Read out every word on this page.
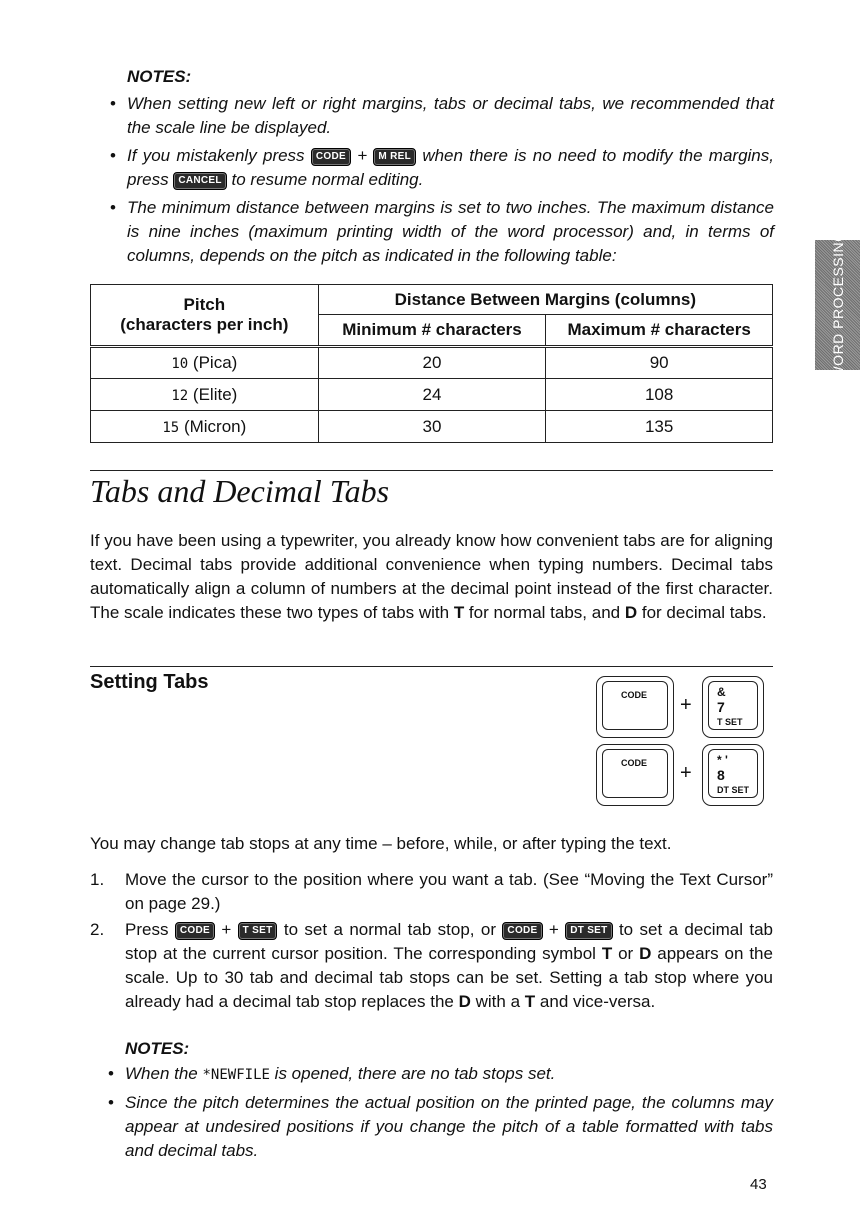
NOTES:
• When setting new left or right margins, tabs or decimal tabs, we recommended that the scale line be displayed.
• If you mistakenly press CODE + M REL when there is no need to modify the margins, press CANCEL to resume normal editing.
• The minimum distance between margins is set to two inches. The maximum distance is nine inches (maximum printing width of the word processor) and, in terms of columns, depends on the pitch as indicated in the following table:	WORD PROCESSING
Pitch
(characters per inch)	Distance Between Margins (columns)	
	Minimum # characters	Maximum # characters
10 (Pica)	20	90
12 (Elite)	24	108
15 (Micron)	30	135
Tabs and Decimal Tabs

If you have been using a typewriter, you already know how convenient tabs are for aligning text. Decimal tabs provide additional convenience when typing numbers. Decimal tabs automatically align a column of numbers at the decimal point instead of the first character. The scale indicates these two types of tabs with T for normal tabs, and D for decimal tabs.

Setting Tabs
CODE +
&
7
T SET
CODE +
* '
8
DT SET

You may change tab stops at any time – before, while, or after typing the text.

1. Move the cursor to the position where you want a tab. (See “Moving the Text Cursor” on page 29.)
2. Press CODE + T SET to set a normal tab stop, or CODE + DT SET to set a decimal tab stop at the current cursor position. The corresponding symbol T or D appears on the scale. Up to 30 tab and decimal tab stops can be set. Setting a tab stop where you already had a decimal tab stop replaces the D with a T and vice-versa.
NOTES:
• When the *NEWFILE is opened, there are no tab stops set.
• Since the pitch determines the actual position on the printed page, the columns may appear at undesired positions if you change the pitch of a table formatted with tabs and decimal tabs.
43
